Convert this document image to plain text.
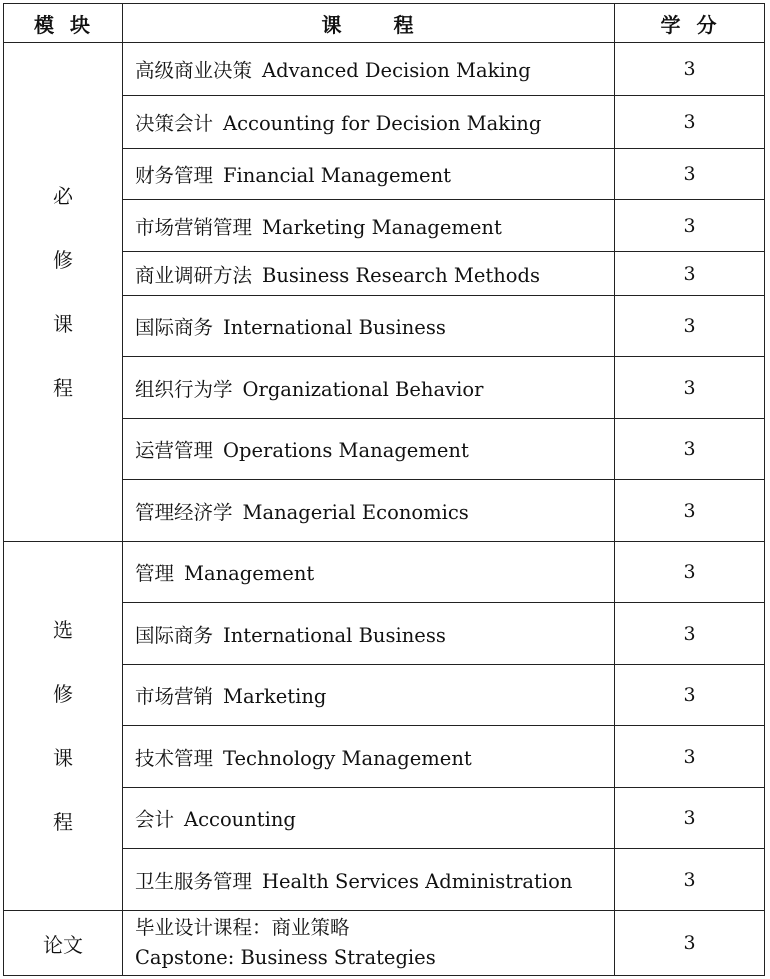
模 块	课 程	学 分

必
修
课
程	高级商业决策 Advanced Decision Making	3
	决策会计 Accounting for Decision Making	3
	财务管理 Financial Management	3
	市场营销管理 Marketing Management	3
	商业调研方法 Business Research Methods	3
	国际商务 International Business	3
	组织行为学 Organizational Behavior	3
	运营管理 Operations Management	3
	管理经济学 Managerial Economics	3

选
修
课
程	管理 Management	3
	国际商务 International Business	3
	市场营销 Marketing	3
	技术管理 Technology Management	3
	会计 Accounting	3
	卫生服务管理 Health Services Administration	3
论文	毕业设计课程：商业策略
Capstone: Business Strategies	3
